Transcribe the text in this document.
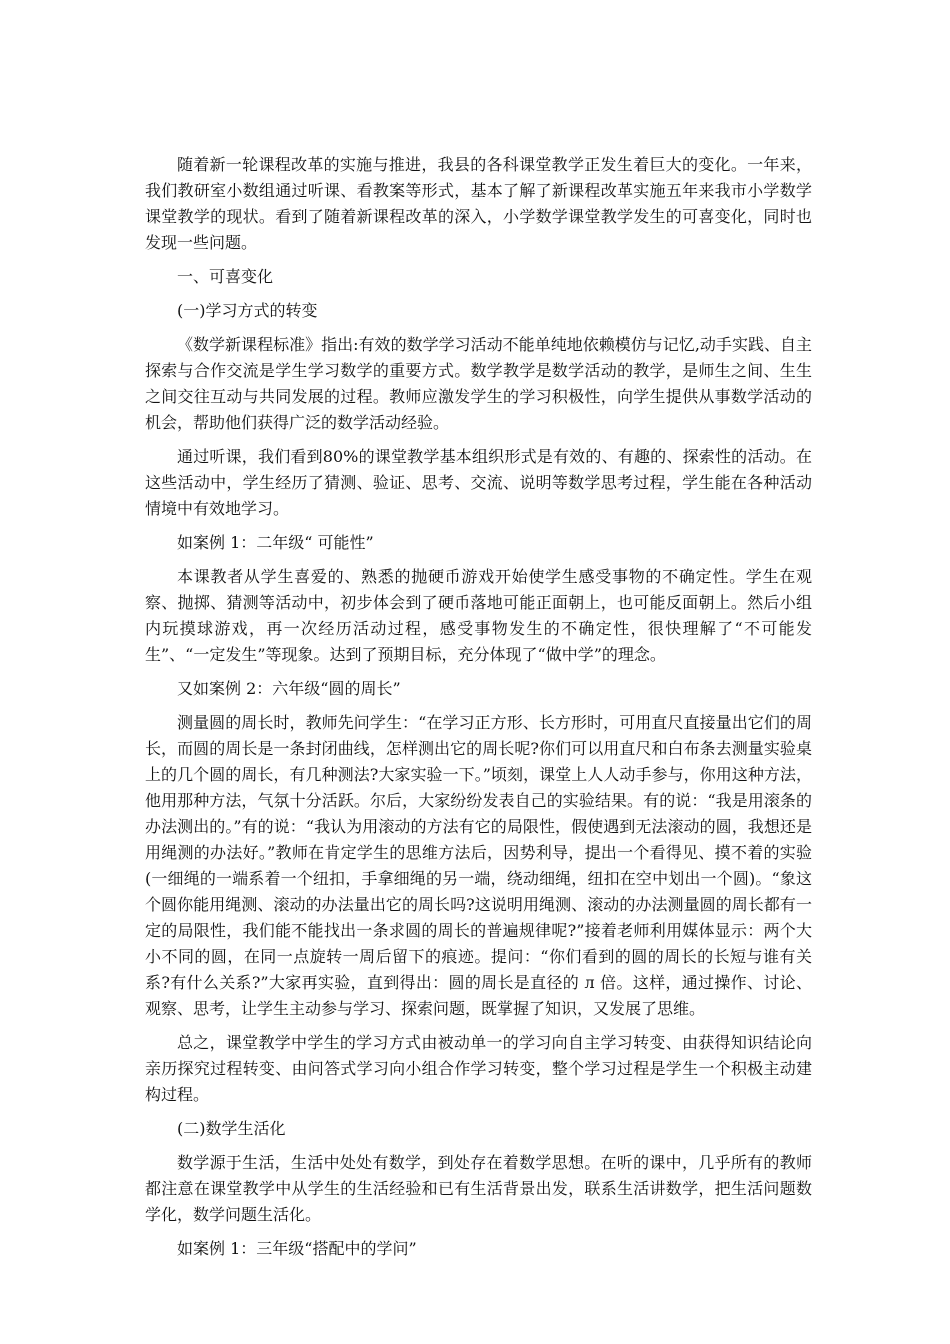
随着新一轮课程改革的实施与推进，我县的各科课堂教学正发生着巨大的变化。一年来，我们教研室小数组通过听课、看教案等形式，基本了解了新课程改革实施五年来我市小学数学课堂教学的现状。看到了随着新课程改革的深入，小学数学课堂教学发生的可喜变化，同时也发现一些问题。

一、可喜变化

(一)学习方式的转变

《数学新课程标准》指出:有效的数学学习活动不能单纯地依赖模仿与记忆,动手实践、自主探索与合作交流是学生学习数学的重要方式。数学教学是数学活动的教学，是师生之间、生生之间交往互动与共同发展的过程。教师应激发学生的学习积极性，向学生提供从事数学活动的机会，帮助他们获得广泛的数学活动经验。

通过听课，我们看到80%的课堂教学基本组织形式是有效的、有趣的、探索性的活动。在这些活动中，学生经历了猜测、验证、思考、交流、说明等数学思考过程，学生能在各种活动情境中有效地学习。

如案例 1：二年级“ 可能性”

本课教者从学生喜爱的、熟悉的抛硬币游戏开始使学生感受事物的不确定性。学生在观察、抛掷、猜测等活动中，初步体会到了硬币落地可能正面朝上，也可能反面朝上。然后小组内玩摸球游戏，再一次经历活动过程，感受事物发生的不确定性，很快理解了“不可能发生”、“一定发生”等现象。达到了预期目标，充分体现了“做中学”的理念。

又如案例 2：六年级“圆的周长”

测量圆的周长时，教师先问学生：“在学习正方形、长方形时，可用直尺直接量出它们的周长，而圆的周长是一条封闭曲线，怎样测出它的周长呢?你们可以用直尺和白布条去测量实验桌上的几个圆的周长，有几种测法?大家实验一下。”顷刻，课堂上人人动手参与，你用这种方法，他用那种方法，气氛十分活跃。尔后，大家纷纷发表自己的实验结果。有的说：“我是用滚条的办法测出的。”有的说：“我认为用滚动的方法有它的局限性，假使遇到无法滚动的圆，我想还是用绳测的办法好。”教师在肯定学生的思维方法后，因势利导，提出一个看得见、摸不着的实验(一细绳的一端系着一个纽扣，手拿细绳的另一端，绕动细绳，纽扣在空中划出一个圆)。“象这个圆你能用绳测、滚动的办法量出它的周长吗?这说明用绳测、滚动的办法测量圆的周长都有一定的局限性，我们能不能找出一条求圆的周长的普遍规律呢?”接着老师利用媒体显示：两个大小不同的圆，在同一点旋转一周后留下的痕迹。提问：“你们看到的圆的周长的长短与谁有关系?有什么关系?”大家再实验，直到得出：圆的周长是直径的 л 倍。这样，通过操作、讨论、观察、思考，让学生主动参与学习、探索问题，既掌握了知识，又发展了思维。

总之，课堂教学中学生的学习方式由被动单一的学习向自主学习转变、由获得知识结论向亲历探究过程转变、由问答式学习向小组合作学习转变，整个学习过程是学生一个积极主动建构过程。

(二)数学生活化

数学源于生活，生活中处处有数学，到处存在着数学思想。在听的课中，几乎所有的教师都注意在课堂教学中从学生的生活经验和已有生活背景出发，联系生活讲数学，把生活问题数学化，数学问题生活化。

如案例 1：三年级“搭配中的学问”
